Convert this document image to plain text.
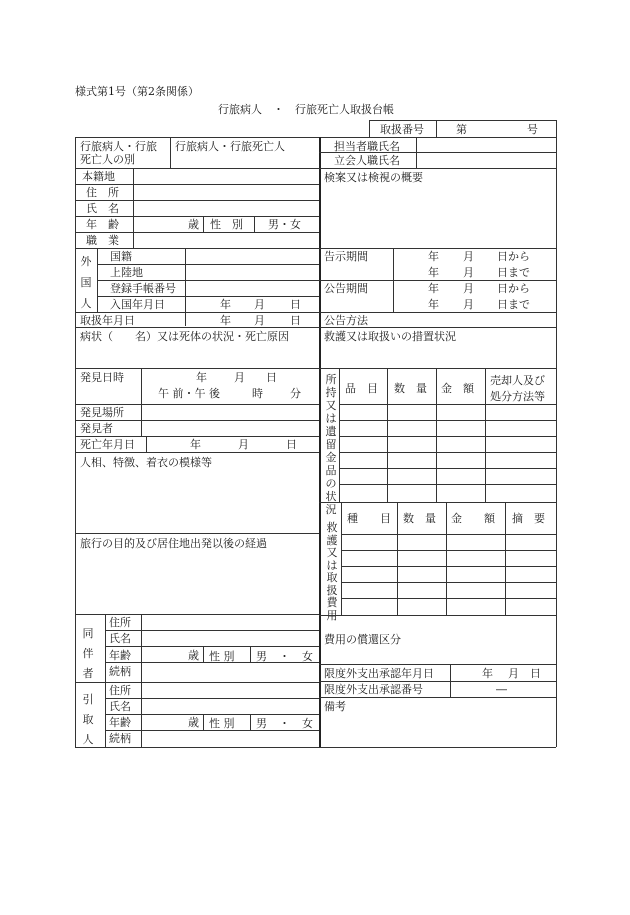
様式第1号（第2条関係）
行旅病人　・　行旅死亡人取扱台帳
取扱番号	第	号
行旅病人・行旅
死亡人の別
行旅病人・行旅死亡人
本籍地
住　所
氏　名
年　齢	歳 性　別 男・女
職　業
外国人
国籍
上陸地
登録手帳番号
入国年月日	年 月 日
取扱年月日	年 月 日
病状（　　名）又は死体の状況・死亡原因
発見日時	年 月 日
午 前・午 後	時 分
発見場所
発見者
死亡年月日	年	月	日
人相、特徴、着衣の模様等
旅行の目的及び居住地出発以後の経過
同伴者
住所
氏名
年齢	歳 性 別 男 ・ 女
続柄
引取人
住所
氏名
年齢	歳 性 別 男 ・ 女
続柄
担当者職氏名
立会人職氏名
検案又は検視の概要
告示期間	年 月 日から
年 月 日まで
公告期間	年 月 日から
年 月 日まで
公告方法
救護又は取扱いの措置状況
所持又は遺留金品の状況
品　目 数　量 金　額
売却人及び
処分方法等
救護又は取扱費用
種　　目 数　量 金　　額 摘　要
費用の償還区分
限度外支出承認年月日	年 月 日
限度外支出承認番号	―
備考
